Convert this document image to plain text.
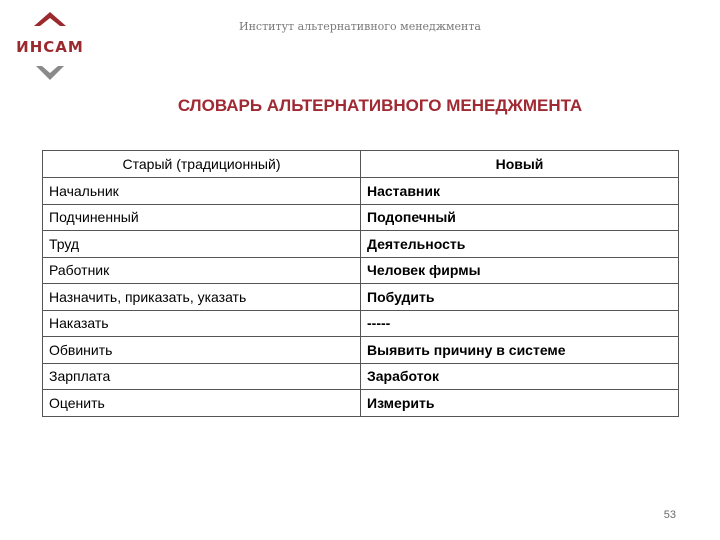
ИНСАМ
Институт альтернативного менеджмента
СЛОВАРЬ АЛЬТЕРНАТИВНОГО МЕНЕДЖМЕНТА
Старый (традиционный)	Новый
Начальник	Наставник
Подчиненный	Подопечный
Труд	Деятельность
Работник	Человек фирмы
Назначить, приказать, указать	Побудить
Наказать	-----
Обвинить	Выявить причину в системе
Зарплата	Заработок
Оценить	Измерить
53
